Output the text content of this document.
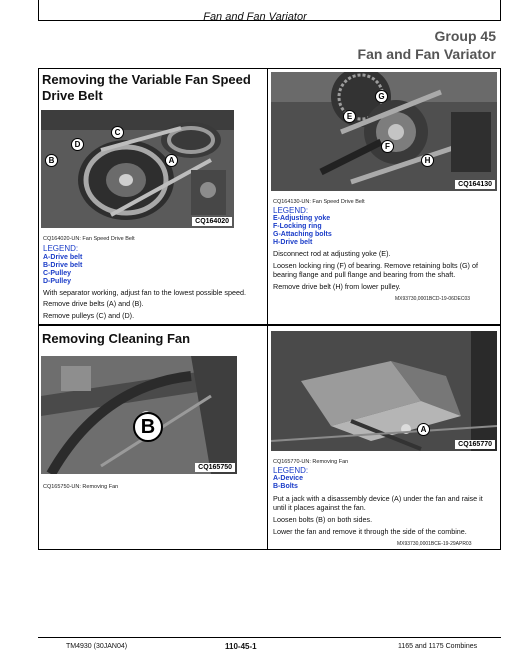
Fan and Fan Variator
Group 45
Fan and Fan Variator
Removing the Variable Fan Speed Drive Belt
A
B
C
D
CQ164020
CQ164020-UN: Fan Speed Drive Belt
LEGEND:
A-Drive belt
B-Drive belt
C-Pulley
D-Pulley
With separator working, adjust fan to the lowest possible speed.
Remove drive belts (A) and (B).
Remove pulleys (C) and (D).
E
F
G
H
CQ164130
CQ164130-UN: Fan Speed Drive Belt
LEGEND:
E-Adjusting yoke
F-Locking ring
G-Attaching bolts
H-Drive belt
Disconnect rod at adjusting yoke (E).
Loosen locking ring (F) of bearing. Remove retaining bolts (G) of bearing flange and pull flange and bearing from the shaft.
Remove drive belt (H) from lower pulley.
MX93730,0001BCD-19-06DEC03
Removing Cleaning Fan
B
CQ165750
CQ165750-UN: Removing Fan
A
CQ165770
CQ165770-UN: Removing Fan
LEGEND:
A-Device
B-Bolts
Put a jack with a disassembly device (A) under the fan and raise it until it places against the fan.
Loosen bolts (B) on both sides.
Lower the fan and remove it through the side of the combine.
MX93730,0001BCE-19-29APR03
TM4930 (30JAN04)	110-45-1	1165 and 1175 Combines
